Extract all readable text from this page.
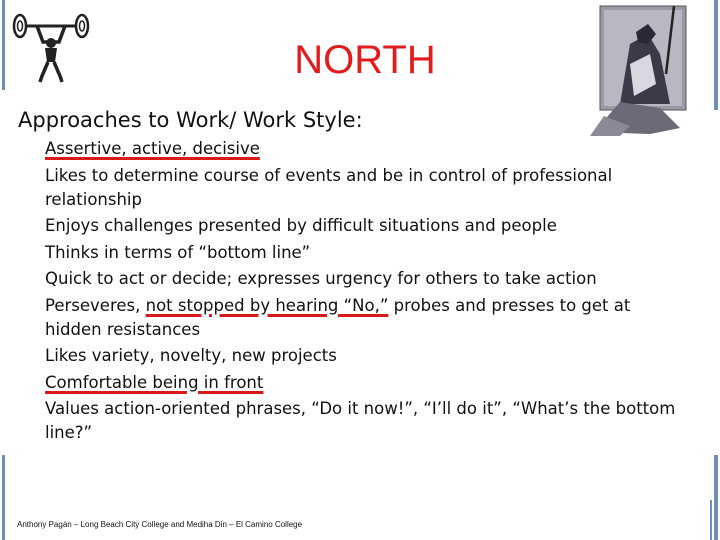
NORTH
Approaches to Work/ Work Style:
Assertive, active, decisive
Likes to determine course of events and be in control of professional relationship
Enjoys challenges presented by difficult situations and people
Thinks in terms of “bottom line”
Quick to act or decide; expresses urgency for others to take action
Perseveres, not stopped by hearing “No,” probes and presses to get at hidden resistances
Likes variety, novelty, new projects
Comfortable being in front
Values action-oriented phrases, “Do it now!”, “I’ll do it”, “What’s the bottom line?”
Anthony Pagán – Long Beach City College and Mediha Din – El Camino College
